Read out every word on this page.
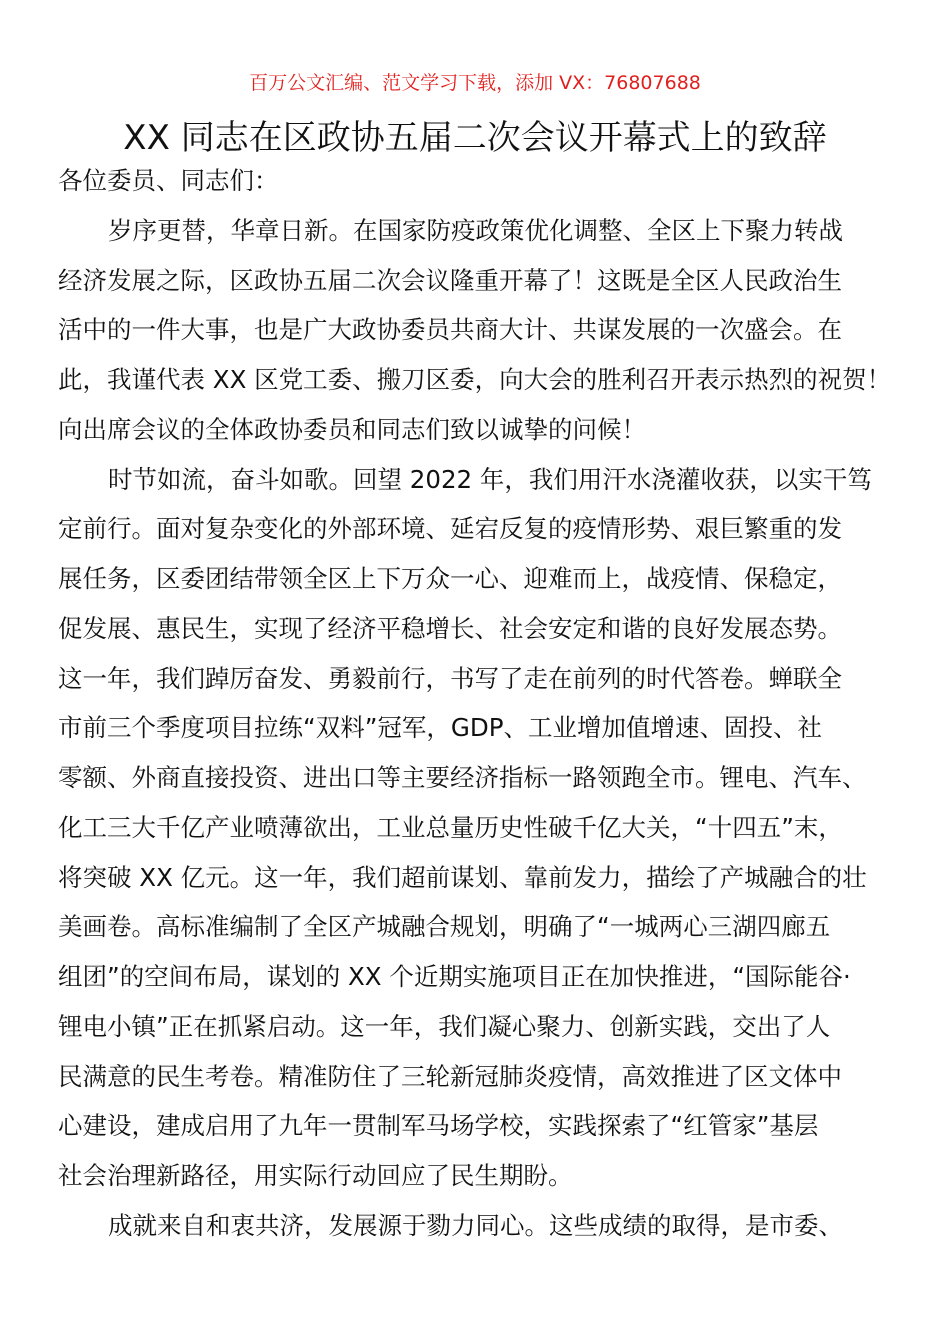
百万公文汇编、范文学习下载，添加 VX：76807688
XX 同志在区政协五届二次会议开幕式上的致辞
各位委员、同志们：
岁序更替，华章日新。在国家防疫政策优化调整、全区上下聚力转战
经济发展之际，区政协五届二次会议隆重开幕了！这既是全区人民政治生
活中的一件大事，也是广大政协委员共商大计、共谋发展的一次盛会。在
此，我谨代表 XX 区党工委、搬刀区委，向大会的胜利召开表示热烈的祝贺！
向出席会议的全体政协委员和同志们致以诚挚的问候！
时节如流，奋斗如歌。回望 2022 年，我们用汗水浇灌收获，以实干笃
定前行。面对复杂变化的外部环境、延宕反复的疫情形势、艰巨繁重的发
展任务，区委团结带领全区上下万众一心、迎难而上，战疫情、保稳定，
促发展、惠民生，实现了经济平稳增长、社会安定和谐的良好发展态势。
这一年，我们踔厉奋发、勇毅前行，书写了走在前列的时代答卷。蝉联全
市前三个季度项目拉练“双料”冠军，GDP、工业增加值增速、固投、社
零额、外商直接投资、进出口等主要经济指标一路领跑全市。锂电、汽车、
化工三大千亿产业喷薄欲出，工业总量历史性破千亿大关，“十四五”末，
将突破 XX 亿元。这一年，我们超前谋划、靠前发力，描绘了产城融合的壮
美画卷。高标准编制了全区产城融合规划，明确了“一城两心三湖四廊五
组团”的空间布局，谋划的 XX 个近期实施项目正在加快推进，“国际能谷·
锂电小镇”正在抓紧启动。这一年，我们凝心聚力、创新实践，交出了人
民满意的民生考卷。精准防住了三轮新冠肺炎疫情，高效推进了区文体中
心建设，建成启用了九年一贯制军马场学校，实践探索了“红管家”基层
社会治理新路径，用实际行动回应了民生期盼。
成就来自和衷共济，发展源于勠力同心。这些成绩的取得，是市委、
